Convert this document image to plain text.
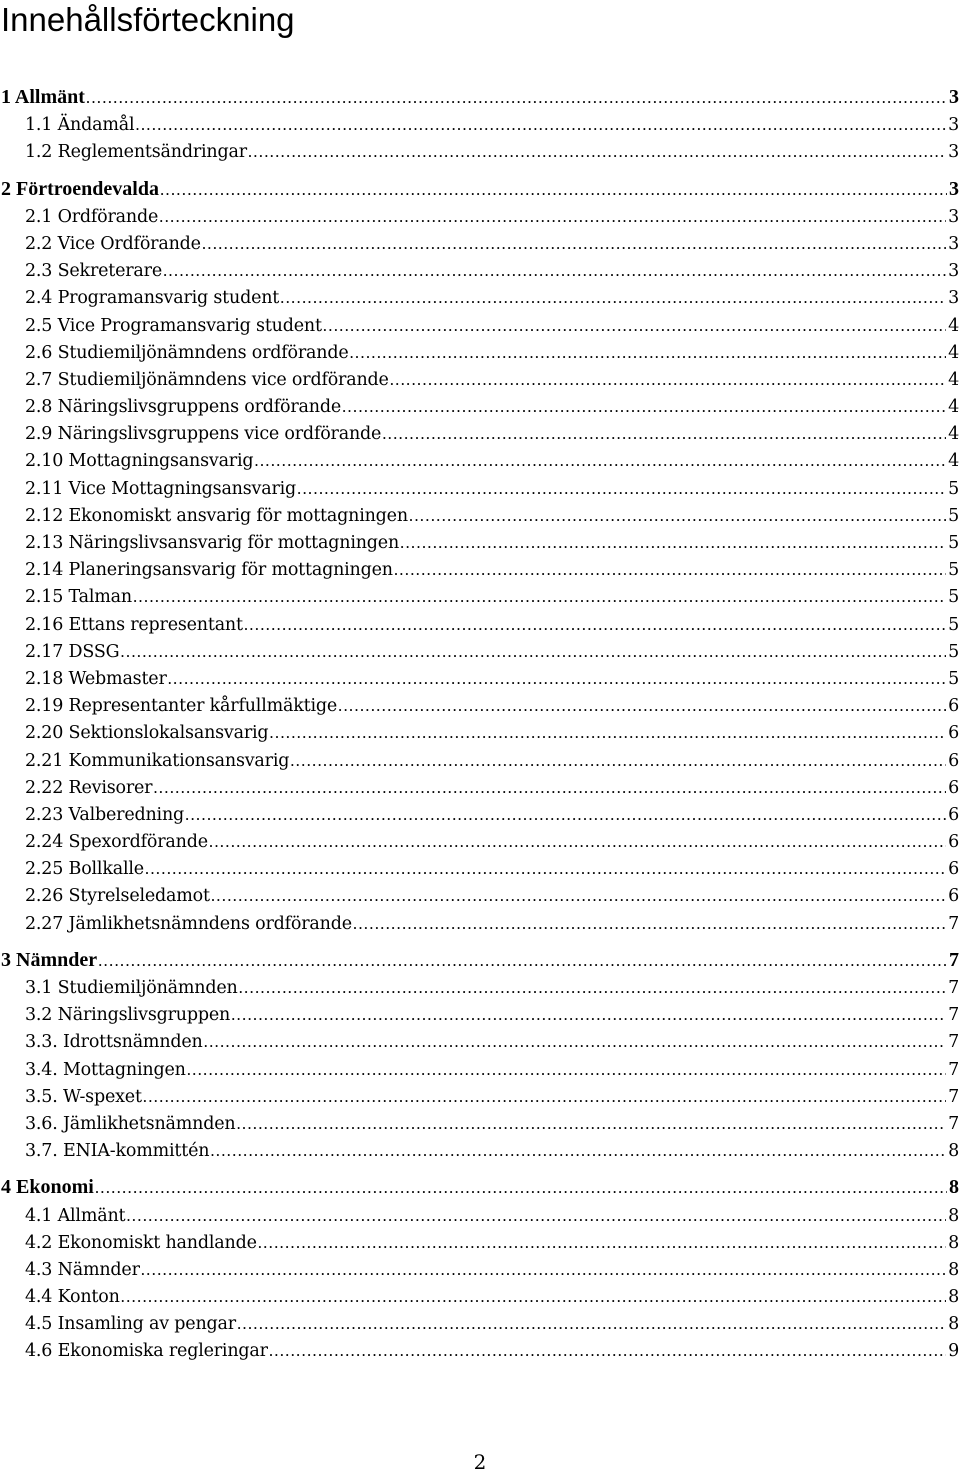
Innehållsförteckning
1 Allmänt .....	3
1.1 Ändamål .....	3
1.2 Reglementsändringar .....	3
2 Förtroendevalda .....	3
2.1 Ordförande .....	3
2.2 Vice Ordförande .....	3
2.3 Sekreterare .....	3
2.4 Programansvarig student .....	3
2.5 Vice Programansvarig student .....	4
2.6 Studiemiljönämndens ordförande .....	4
2.7 Studiemiljönämndens vice ordförande .....	4
2.8 Näringslivsgruppens ordförande .....	4
2.9 Näringslivsgruppens vice ordförande .....	4
2.10 Mottagningsansvarig .....	4
2.11 Vice Mottagningsansvarig .....	5
2.12 Ekonomiskt ansvarig för mottagningen .....	5
2.13 Näringslivsansvarig för mottagningen .....	5
2.14 Planeringsansvarig för mottagningen .....	5
2.15 Talman .....	5
2.16 Ettans representant .....	5
2.17 DSSG .....	5
2.18 Webmaster .....	5
2.19 Representanter kårfullmäktige .....	6
2.20 Sektionslokalsansvarig .....	6
2.21 Kommunikationsansvarig .....	6
2.22 Revisorer .....	6
2.23 Valberedning .....	6
2.24 Spexordförande .....	6
2.25 Bollkalle .....	6
2.26 Styrelseledamot .....	6
2.27 Jämlikhetsnämndens ordförande .....	7
3 Nämnder .....	7
3.1 Studiemiljönämnden .....	7
3.2 Näringslivsgruppen .....	7
3.3. Idrottsnämnden .....	7
3.4. Mottagningen .....	7
3.5. W-spexet .....	7
3.6. Jämlikhetsnämnden .....	7
3.7. ENIA-kommittén .....	8
4 Ekonomi .....	8
4.1 Allmänt .....	8
4.2 Ekonomiskt handlande .....	8
4.3 Nämnder .....	8
4.4 Konton .....	8
4.5 Insamling av pengar .....	8
4.6 Ekonomiska regleringar .....	9
2
